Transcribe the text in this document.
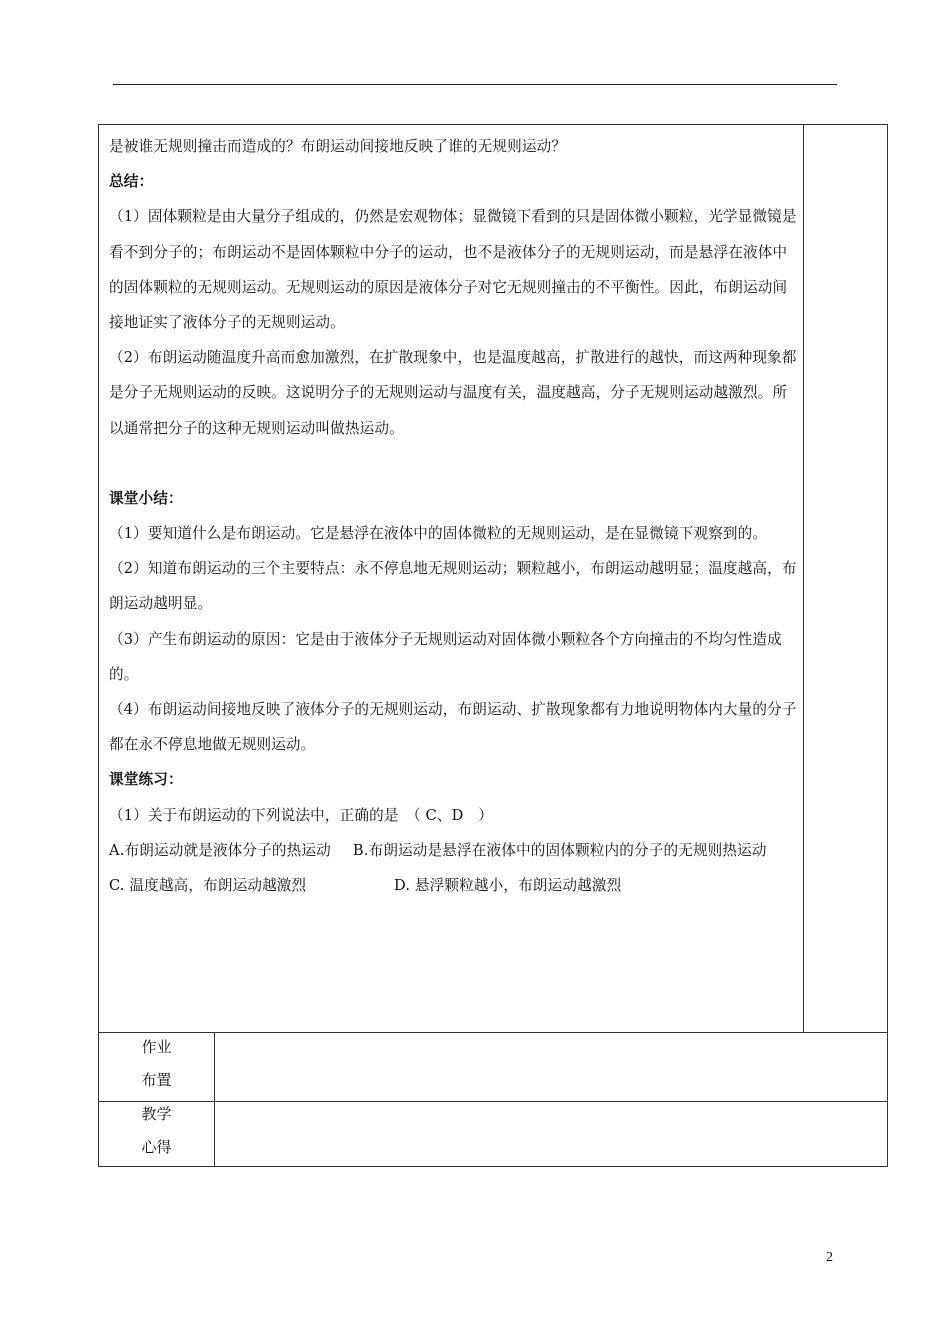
是被谁无规则撞击而造成的？布朗运动间接地反映了谁的无规则运动？

总结：

（1）固体颗粒是由大量分子组成的，仍然是宏观物体；显微镜下看到的只是固体微小颗粒，光学显微镜是看不到分子的；布朗运动不是固体颗粒中分子的运动，也不是液体分子的无规则运动，而是悬浮在液体中的固体颗粒的无规则运动。无规则运动的原因是液体分子对它无规则撞击的不平衡性。因此，布朗运动间接地证实了液体分子的无规则运动。

（2）布朗运动随温度升高而愈加激烈，在扩散现象中，也是温度越高，扩散进行的越快，而这两种现象都是分子无规则运动的反映。这说明分子的无规则运动与温度有关，温度越高，分子无规则运动越激烈。所以通常把分子的这种无规则运动叫做热运动。

课堂小结：

（1）要知道什么是布朗运动。它是悬浮在液体中的固体微粒的无规则运动，是在显微镜下观察到的。

（2）知道布朗运动的三个主要特点：永不停息地无规则运动；颗粒越小，布朗运动越明显；温度越高，布朗运动越明显。

（3）产生布朗运动的原因：它是由于液体分子无规则运动对固体微小颗粒各个方向撞击的不均匀性造成的。

（4）布朗运动间接地反映了液体分子的无规则运动，布朗运动、扩散现象都有力地说明物体内大量的分子都在永不停息地做无规则运动。

课堂练习：

（1）关于布朗运动的下列说法中，正确的是　（ C、D　）

A.布朗运动就是液体分子的热运动 B.布朗运动是悬浮在液体中的固体颗粒内的分子的无规则热运动

C. 温度越高，布朗运动越激烈	D. 悬浮颗粒越小，布朗运动越激烈

作业
布置
教学
心得
2
